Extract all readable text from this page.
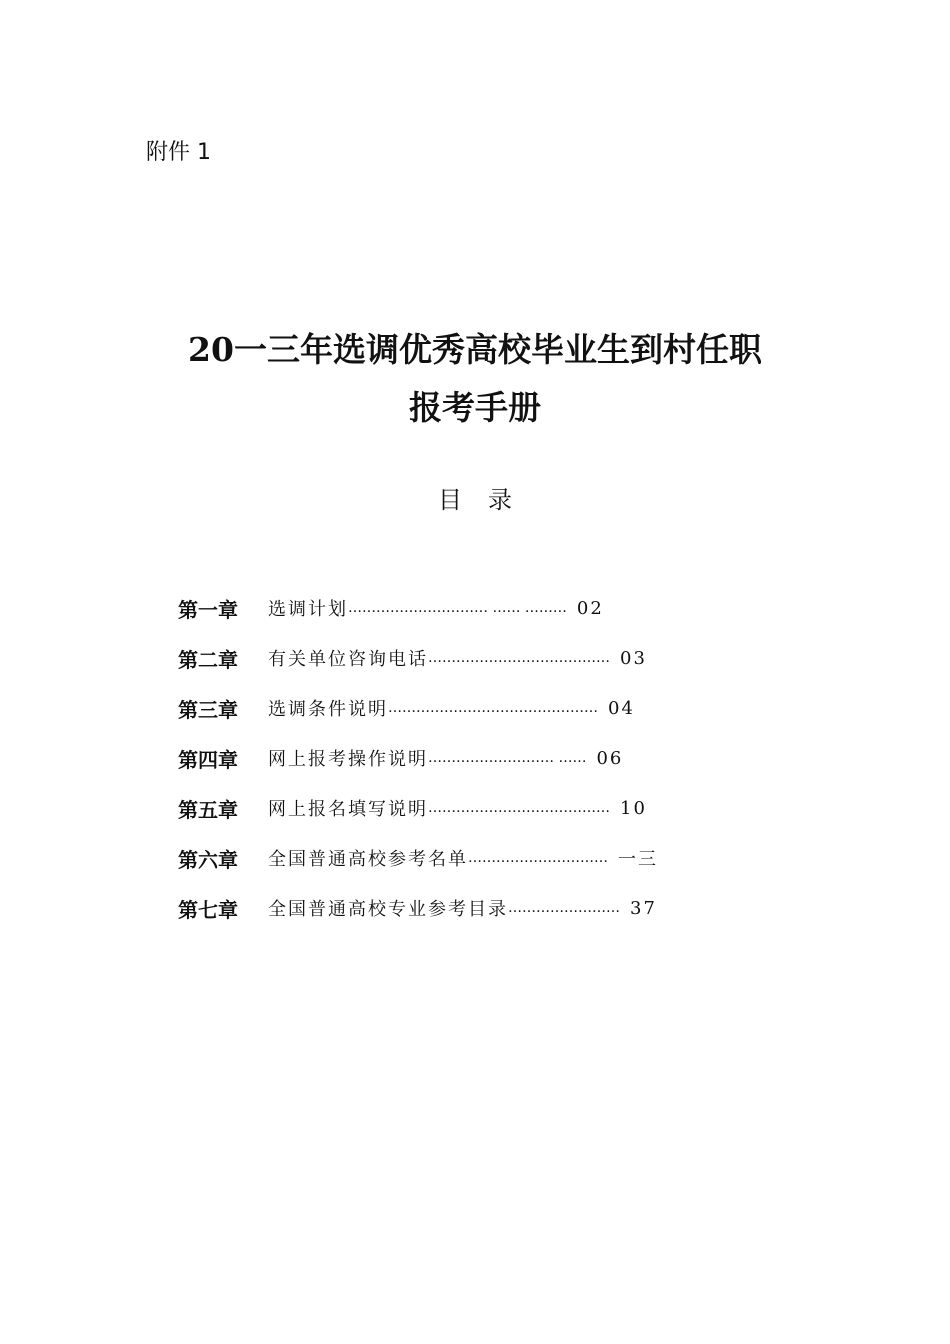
附件 1
20一三年选调优秀高校毕业生到村任职
报考手册
目录
第一章	选调计划 ………………………… …… ……… 02
第二章	有关单位咨询电话 ………………………………… 03
第三章	选调条件说明 ……………………………………… 04
第四章	网上报考操作说明 ……………………… …… 06
第五章	网上报名填写说明 ………………………………… 10
第六章	全国普通高校参考名单 ………………………… 一三
第七章	全国普通高校专业参考目录 …………………… 37
